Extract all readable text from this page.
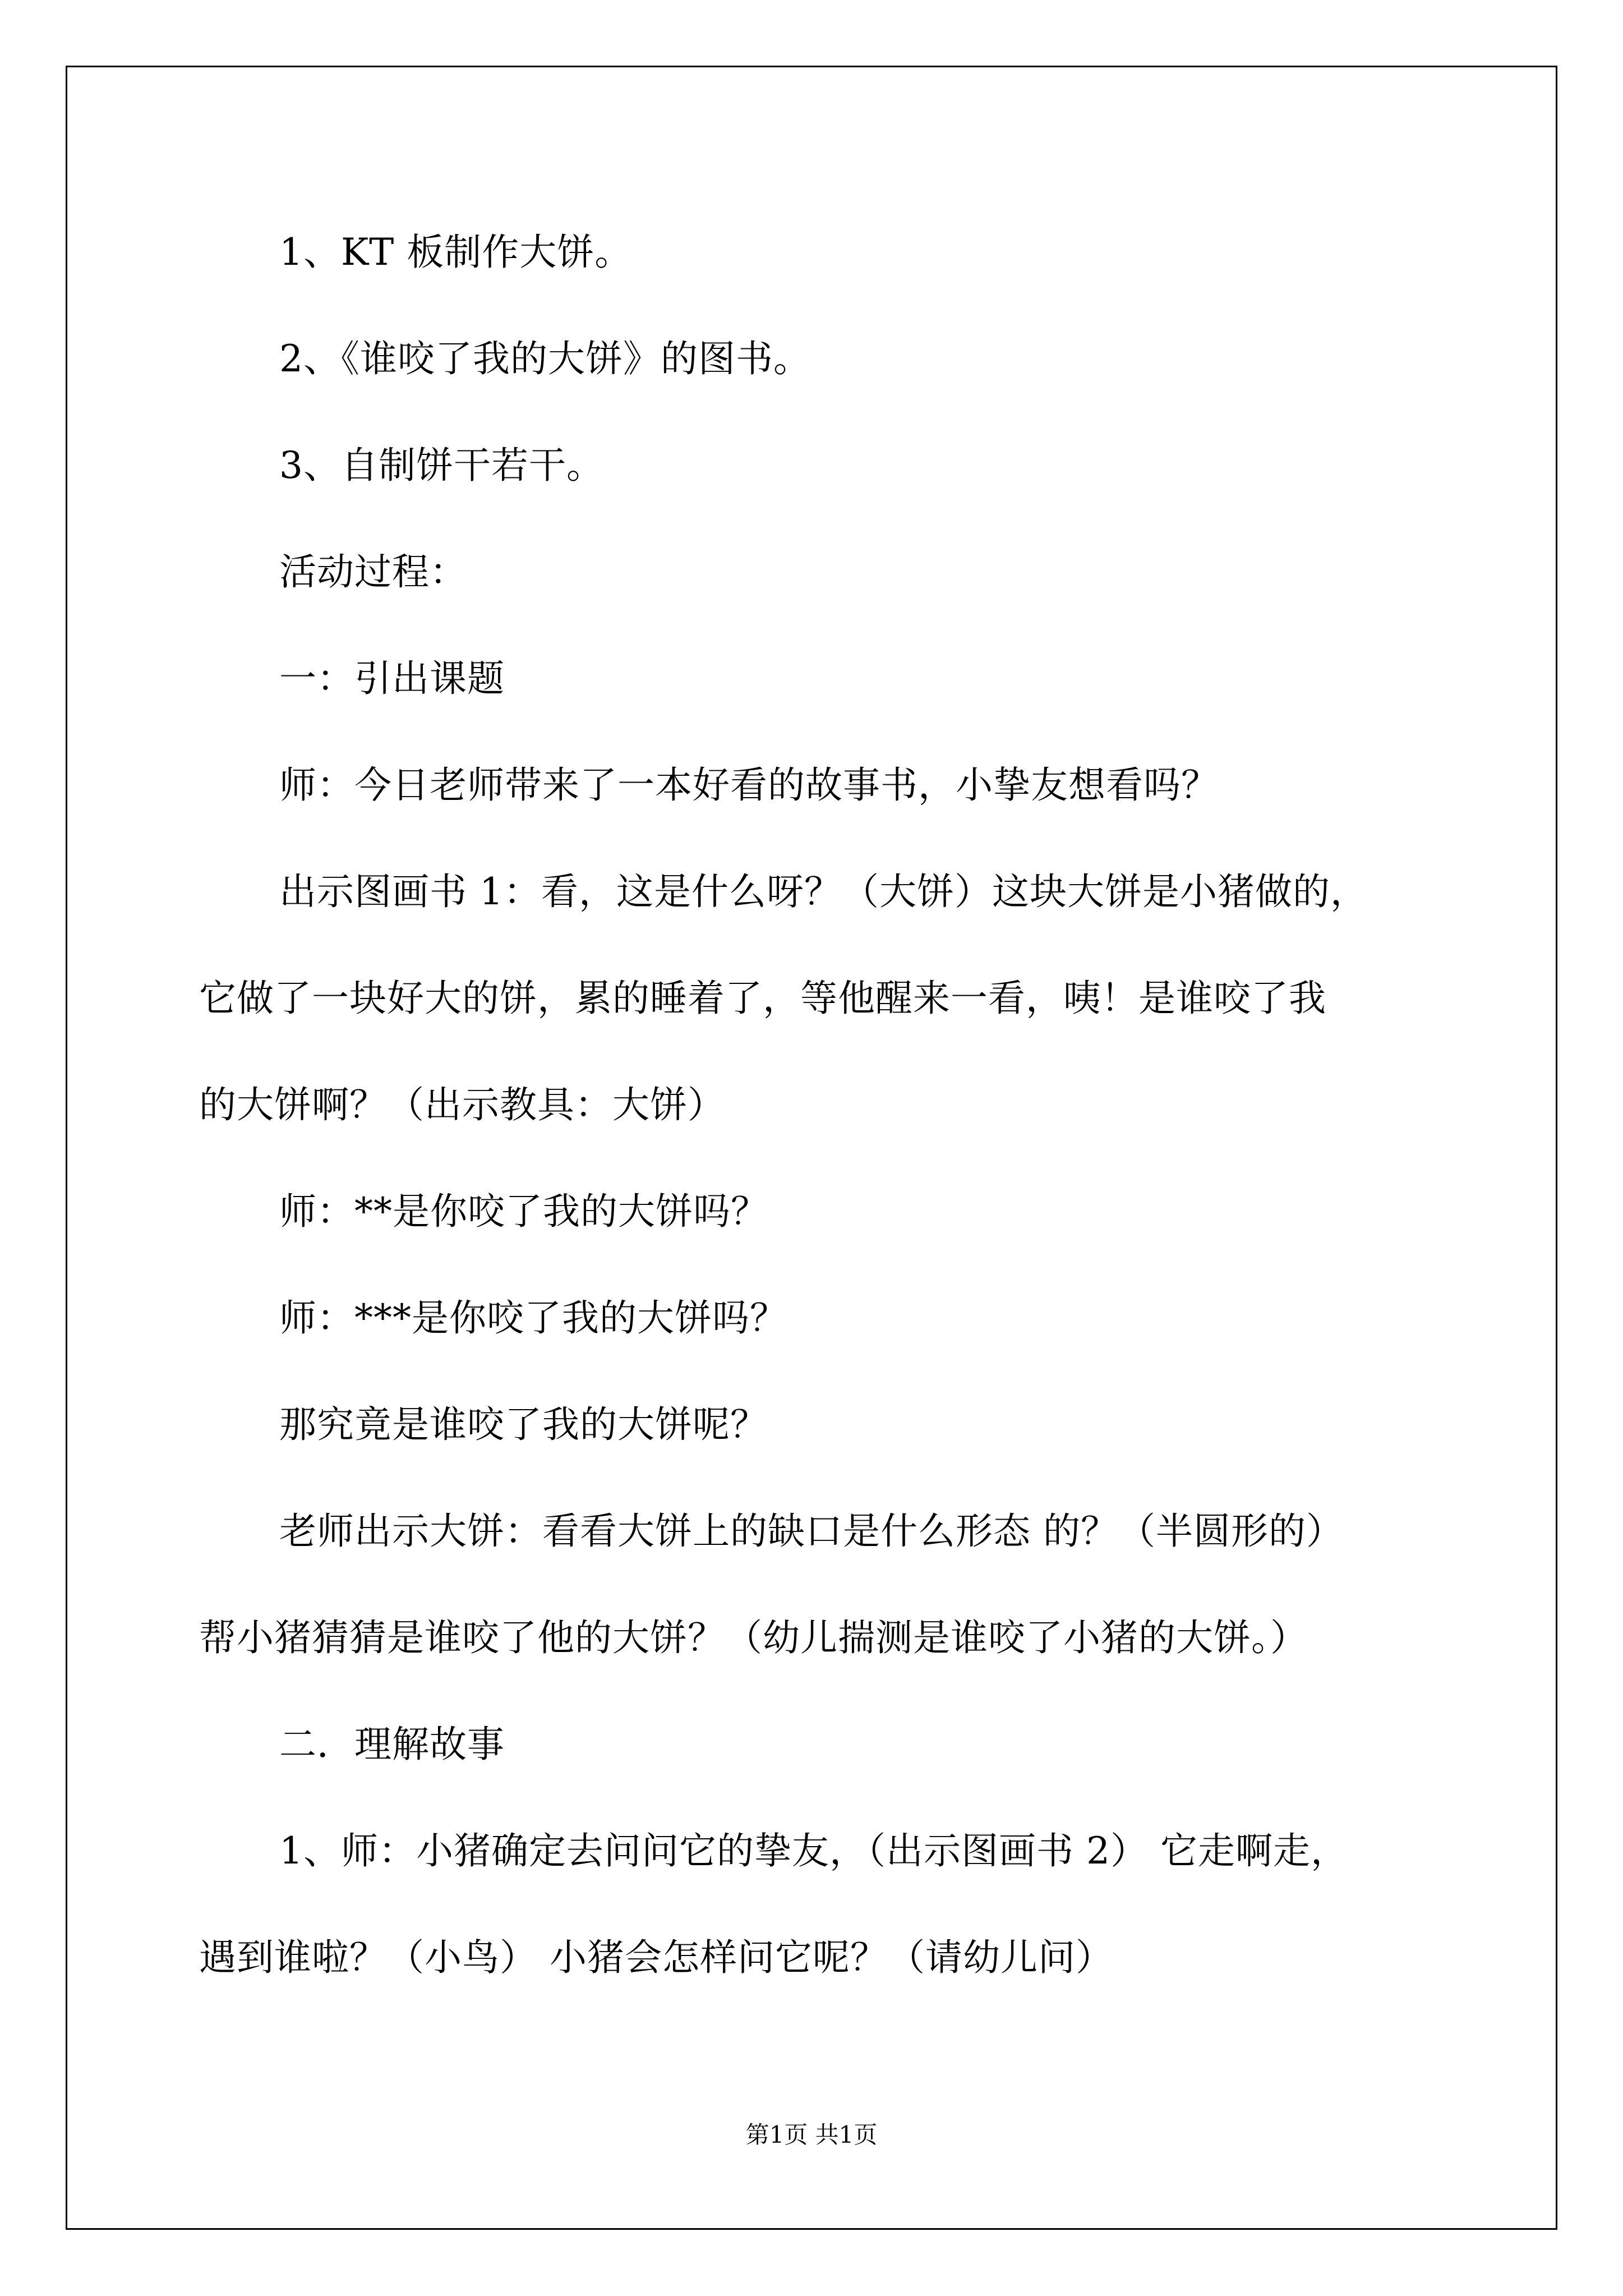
1、KT 板制作大饼。
2、《谁咬了我的大饼》的图书。
3、自制饼干若干。
活动过程：
一：引出课题
师：今日老师带来了一本好看的故事书，小挚友想看吗？
出示图画书 1：看，这是什么呀？（大饼）这块大饼是小猪做的，
它做了一块好大的饼，累的睡着了，等他醒来一看，咦！是谁咬了我
的大饼啊？（出示教具：大饼）
师：**是你咬了我的大饼吗？
师：***是你咬了我的大饼吗？
那究竟是谁咬了我的大饼呢？
老师出示大饼：看看大饼上的缺口是什么形态 的？（半圆形的）
帮小猪猜猜是谁咬了他的大饼？（幼儿揣测是谁咬了小猪的大饼。）
二．理解故事
1、师：小猪确定去问问它的挚友，（出示图画书 2） 它走啊走，
遇到谁啦？（小鸟） 小猪会怎样问它呢？（请幼儿问）
第1页 共1页
